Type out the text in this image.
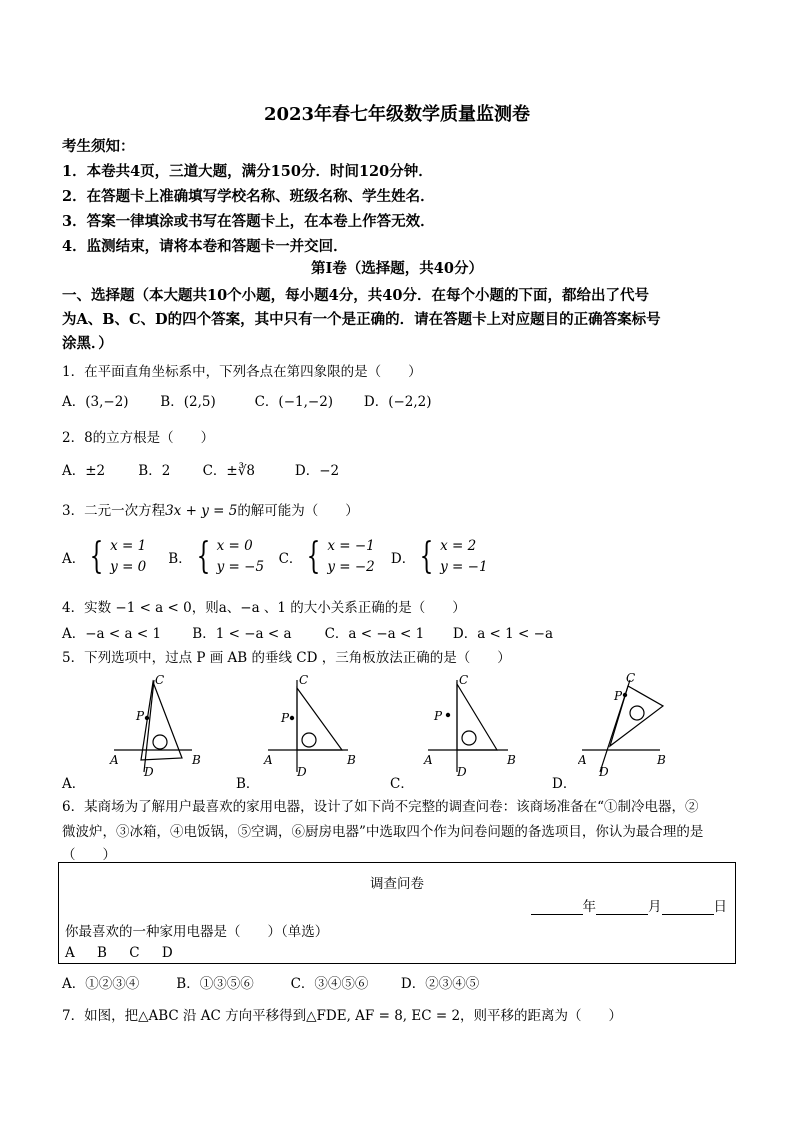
2023年春七年级数学质量监测卷
考生须知：
1．本卷共4页，三道大题，满分150分．时间120分钟．
2．在答题卡上准确填写学校名称、班级名称、学生姓名．
3．答案一律填涂或书写在答题卡上，在本卷上作答无效．
4．监测结束，请将本卷和答题卡一并交回．
第Ⅰ卷（选择题，共40分）
一、选择题（本大题共10个小题，每小题4分，共40分．在每个小题的下面，都给出了代号
为A、B、C、D的四个答案，其中只有一个是正确的．请在答题卡上对应题目的正确答案标号
涂黑．）
1．在平面直角坐标系中，下列各点在第四象限的是（　　）
A．(3,−2) B．(2,5)	C．(−1,−2) D．(−2,2)
2．8的立方根是（　　）
A．±2 B．2 C．±∛8	D．−2
3．二元一次方程3x + y = 5的解可能为（　　）
A． { x = 1
y = 0
B． { x = 0
y = −5
C． { x = −1
y = −2
D． { x = 2
y = −1
4．实数 −1 < a < 0，则a、−a 、1 的大小关系正确的是（　　）
A．−a < a < 1 B．1 < −a < a C．a < −a < 1 D．a < 1 < −a
5．下列选项中，过点 P 画 AB 的垂线 CD ，三角板放法正确的是（　　）
C
P
A	B
D
A．
C
P
A	B
D
B．
C
P
A	B
D
C．
C
P
A	B
D
D．
6．某商场为了解用户最喜欢的家用电器，设计了如下尚不完整的调查问卷：该商场准备在“①制冷电器，②
微波炉，③冰箱，④电饭锅，⑤空调，⑥厨房电器”中选取四个作为问卷问题的备选项目，你认为最合理的是
（　　）
调查问卷
年	月	日
你最喜欢的一种家用电器是（　　）（单选）
A B C D
A．①②③④	B．①③⑤⑥	C．③④⑤⑥ D．②③④⑤
7．如图，把△ABC 沿 AC 方向平移得到△FDE, AF = 8, EC = 2，则平移的距离为（　　）
